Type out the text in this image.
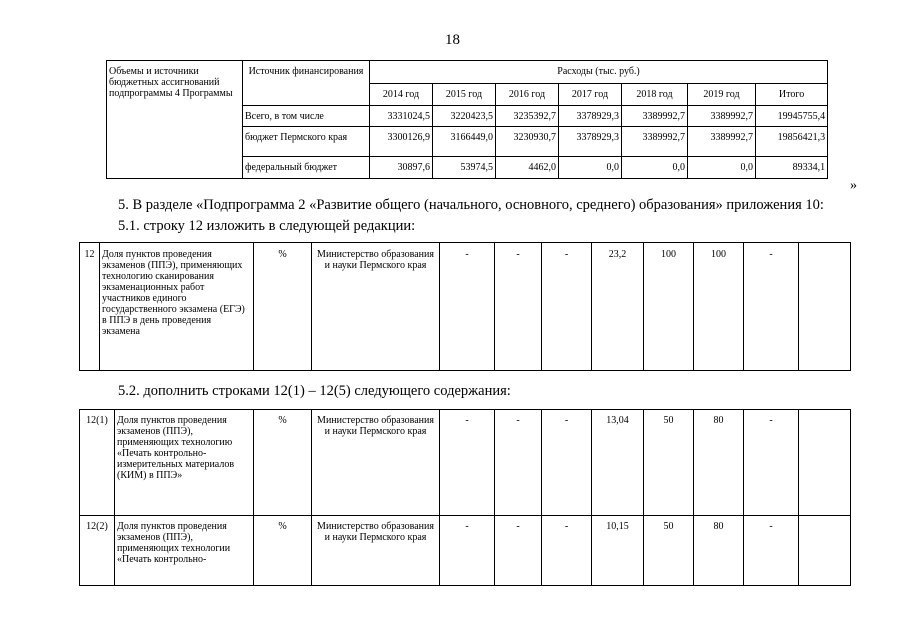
18
Объемы и источники бюджетных ассигнований подпрограммы 4 Программы	Источник финансирования	Расходы (тыс. руб.)						
		2014 год	2015 год	2016 год	2017 год	2018 год	2019 год	Итого
	Всего, в том числе	3331024,5	3220423,5	3235392,7	3378929,3	3389992,7	3389992,7	19945755,4
	бюджет Пермского края	3300126,9	3166449,0	3230930,7	3378929,3	3389992,7	3389992,7	19856421,3
	федеральный бюджет	30897,6	53974,5	4462,0	0,0	0,0	0,0	89334,1
»
5. В разделе «Подпрограмма 2 «Развитие общего (начального, основного, среднего) образования» приложения 10:
5.1. строку 12 изложить в следующей редакции:
12	Доля пунктов проведения экзаменов (ППЭ), применяющих технологию сканирования экзаменационных работ участников единого государственного экзамена (ЕГЭ) в ППЭ в день проведения экзамена	%	Министерство образования и науки Пермского края	-	-	-	23,2	100	100	-	
5.2. дополнить строками 12(1) – 12(5) следующего содержания:
12(1)	Доля пунктов проведения экзаменов (ППЭ), применяющих технологию «Печать контрольно-измерительных материалов (КИМ) в ППЭ»	%	Министерство образования и науки Пермского края	-	-	-	13,04	50	80	-	
12(2)	Доля пунктов проведения экзаменов (ППЭ), применяющих технологии «Печать контрольно-	%	Министерство образования и науки Пермского края	-	-	-	10,15	50	80	-	
